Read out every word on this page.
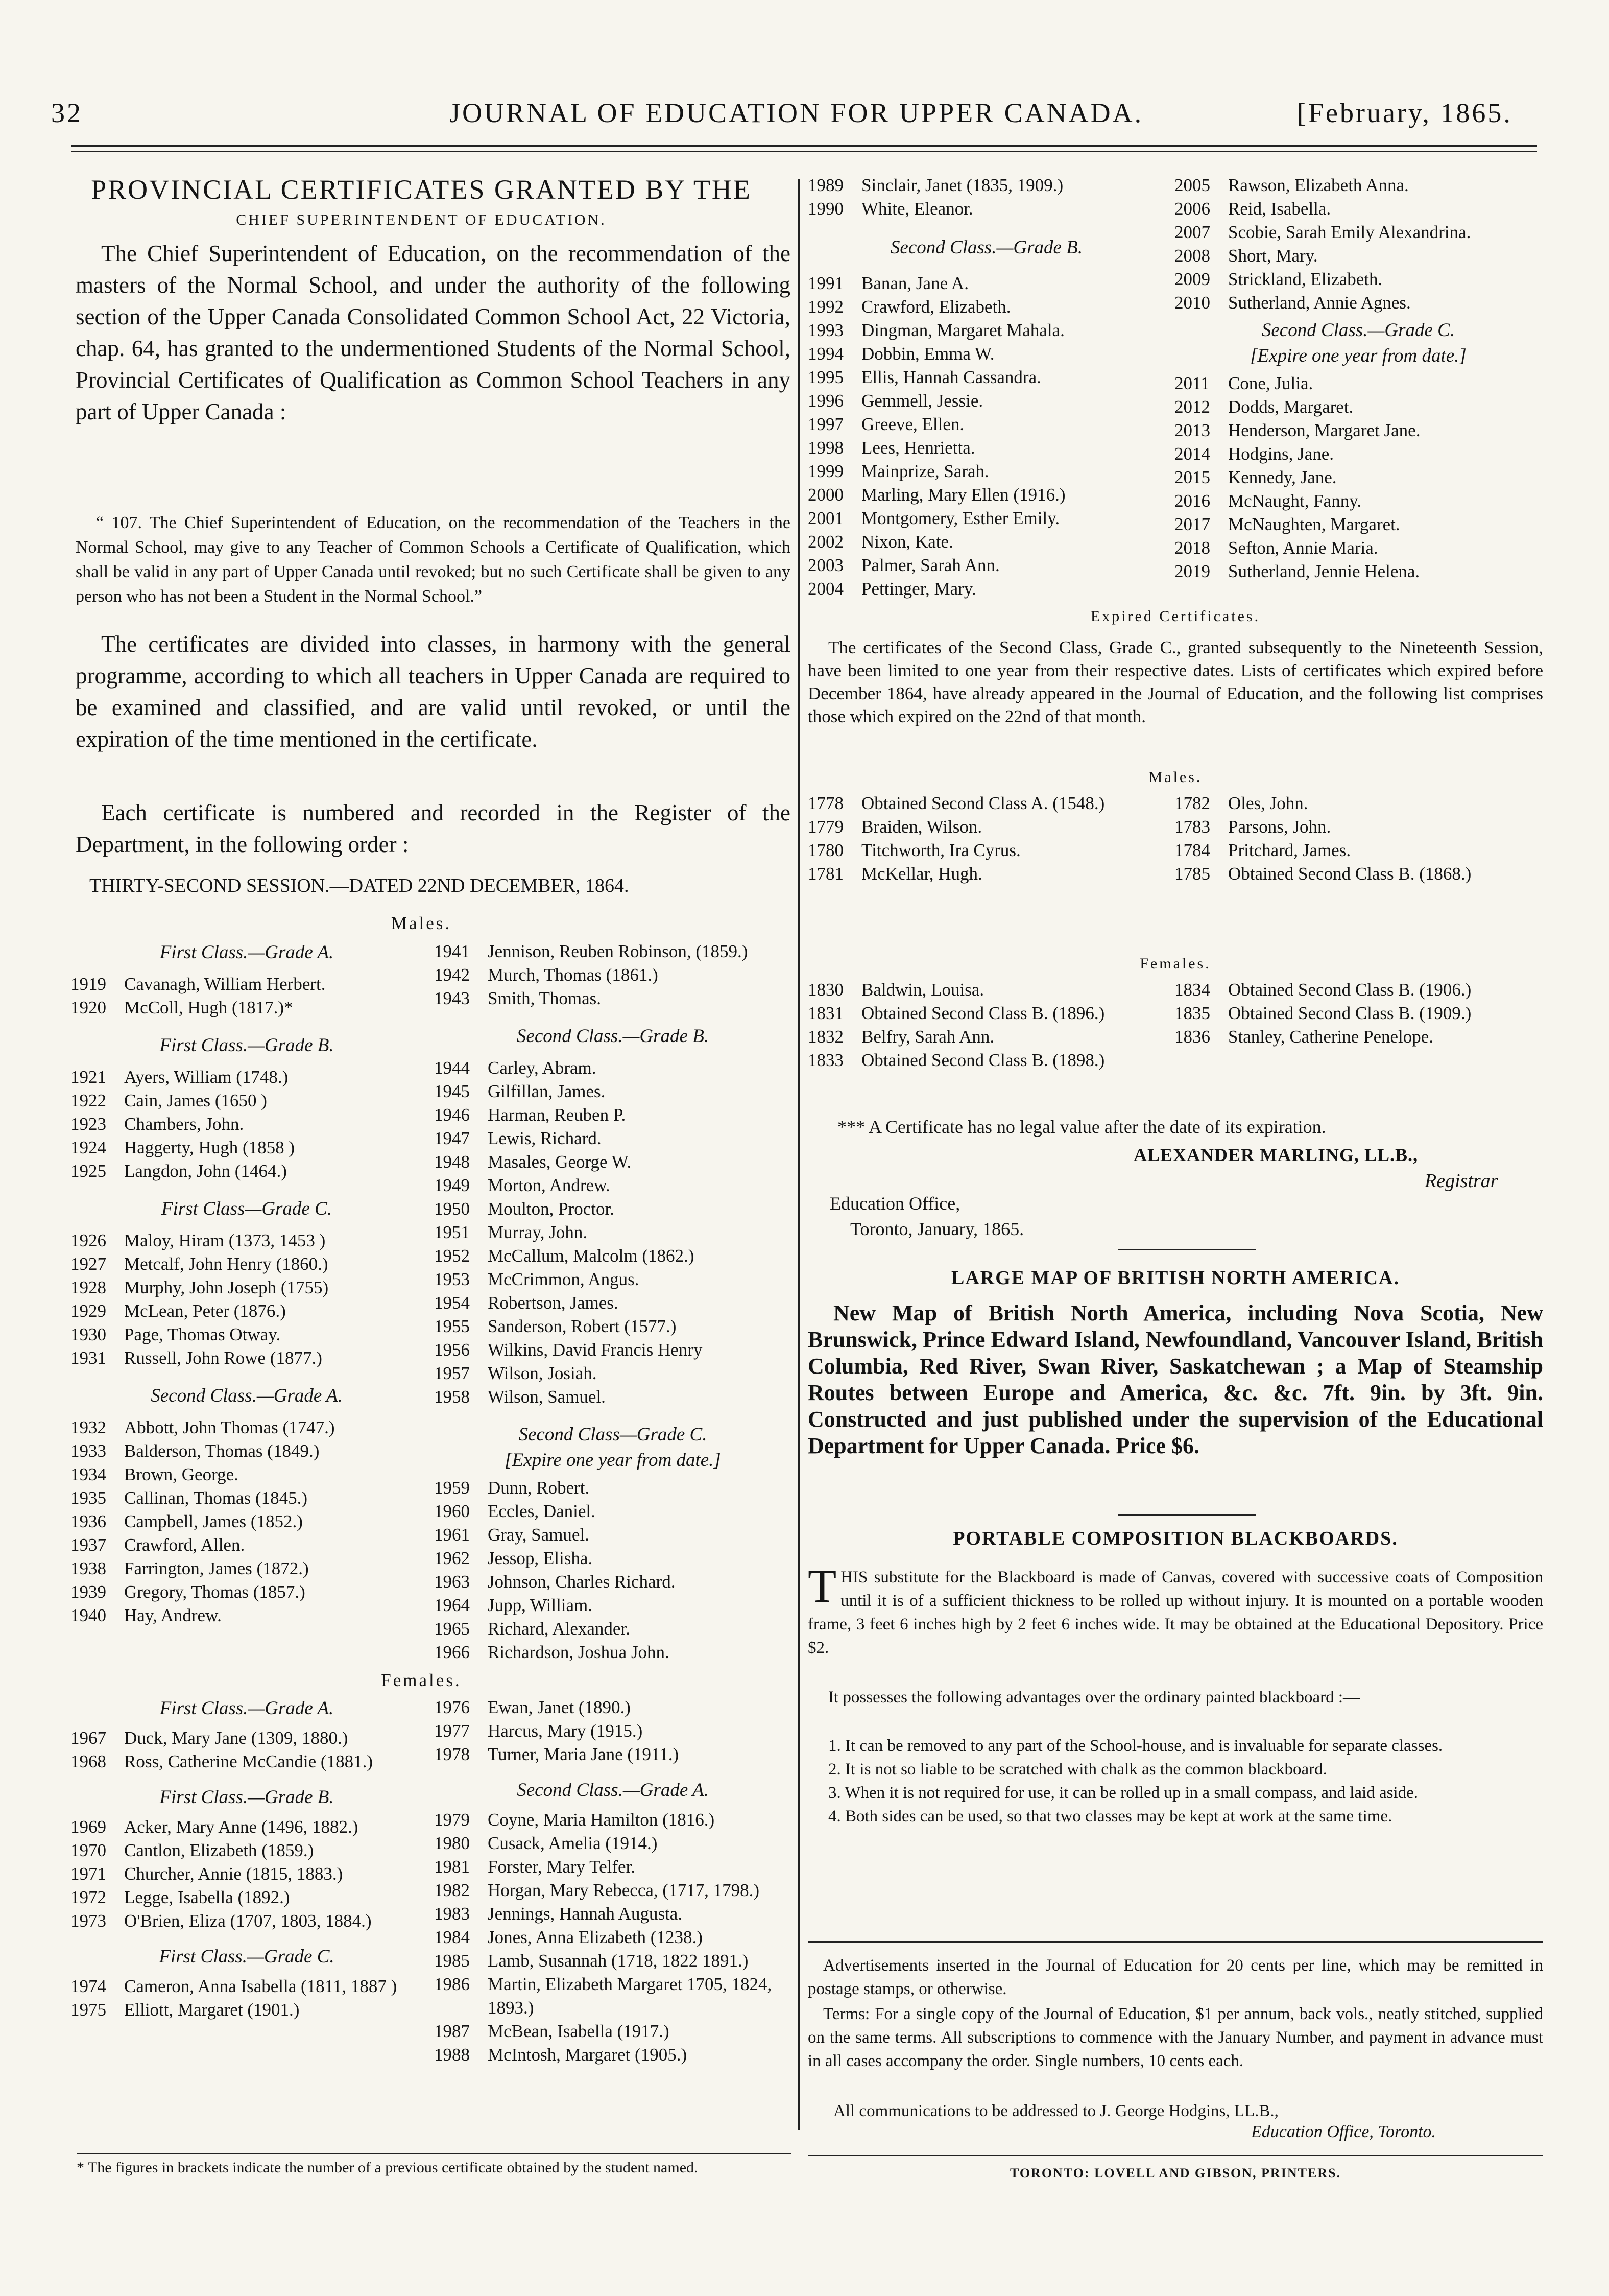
32	JOURNAL OF EDUCATION FOR UPPER CANADA.	[February, 1865.
PROVINCIAL CERTIFICATES GRANTED BY THE
CHIEF SUPERINTENDENT OF EDUCATION.
The Chief Superintendent of Education, on the recommendation of the masters of the Normal School, and under the authority of the following section of the Upper Canada Consolidated Common School Act, 22 Victoria, chap. 64, has granted to the undermentioned Students of the Normal School, Provincial Certificates of Qualification as Common School Teachers in any part of Upper Canada :
“ 107. The Chief Superintendent of Education, on the recommendation of the Teachers in the Normal School, may give to any Teacher of Common Schools a Certificate of Qualification, which shall be valid in any part of Upper Canada until revoked; but no such Certificate shall be given to any person who has not been a Student in the Normal School.”
The certificates are divided into classes, in harmony with the general programme, according to which all teachers in Upper Canada are required to be examined and classified, and are valid until revoked, or until the expiration of the time mentioned in the certificate.
Each certificate is numbered and recorded in the Register of the Department, in the following order :
THIRTY-SECOND SESSION.—DATED 22ND DECEMBER, 1864.
Males.
First Class.—Grade A.
1919	Cavanagh, William Herbert.
1920	McColl, Hugh (1817.)*
First Class.—Grade B.
1921	Ayers, William (1748.)
1922	Cain, James (1650 )
1923	Chambers, John.
1924	Haggerty, Hugh (1858 )
1925	Langdon, John (1464.)
First Class—Grade C.
1926	Maloy, Hiram (1373, 1453 )
1927	Metcalf, John Henry (1860.)
1928	Murphy, John Joseph (1755)
1929	McLean, Peter (1876.)
1930	Page, Thomas Otway.
1931	Russell, John Rowe (1877.)
Second Class.—Grade A.
1932	Abbott, John Thomas (1747.)
1933	Balderson, Thomas (1849.)
1934	Brown, George.
1935	Callinan, Thomas (1845.)
1936	Campbell, James (1852.)
1937	Crawford, Allen.
1938	Farrington, James (1872.)
1939	Gregory, Thomas (1857.)
1940	Hay, Andrew.
1941	Jennison, Reuben Robinson, (1859.)
1942	Murch, Thomas (1861.)
1943	Smith, Thomas.
Second Class.—Grade B.
1944	Carley, Abram.
1945	Gilfillan, James.
1946	Harman, Reuben P.
1947	Lewis, Richard.
1948	Masales, George W.
1949	Morton, Andrew.
1950	Moulton, Proctor.
1951	Murray, John.
1952	McCallum, Malcolm (1862.)
1953	McCrimmon, Angus.
1954	Robertson, James.
1955	Sanderson, Robert (1577.)
1956	Wilkins, David Francis Henry
1957	Wilson, Josiah.
1958	Wilson, Samuel.
Second Class—Grade C.
[Expire one year from date.]
1959	Dunn, Robert.
1960	Eccles, Daniel.
1961	Gray, Samuel.
1962	Jessop, Elisha.
1963	Johnson, Charles Richard.
1964	Jupp, William.
1965	Richard, Alexander.
1966	Richardson, Joshua John.
Females.
First Class.—Grade A.
1967	Duck, Mary Jane (1309, 1880.)
1968	Ross, Catherine McCandie (1881.)
First Class.—Grade B.
1969	Acker, Mary Anne (1496, 1882.)
1970	Cantlon, Elizabeth (1859.)
1971	Churcher, Annie (1815, 1883.)
1972	Legge, Isabella (1892.)
1973	O'Brien, Eliza (1707, 1803, 1884.)
First Class.—Grade C.
1974	Cameron, Anna Isabella (1811, 1887 )
1975	Elliott, Margaret (1901.)
1976	Ewan, Janet (1890.)
1977	Harcus, Mary (1915.)
1978	Turner, Maria Jane (1911.)
Second Class.—Grade A.
1979	Coyne, Maria Hamilton (1816.)
1980	Cusack, Amelia (1914.)
1981	Forster, Mary Telfer.
1982	Horgan, Mary Rebecca, (1717, 1798.)
1983	Jennings, Hannah Augusta.
1984	Jones, Anna Elizabeth (1238.)
1985	Lamb, Susannah (1718, 1822 1891.)
1986	Martin, Elizabeth Margaret 1705, 1824, 1893.)
1987	McBean, Isabella (1917.)
1988	McIntosh, Margaret (1905.)
* The figures in brackets indicate the number of a previous certificate obtained by the student named.
1989	Sinclair, Janet (1835, 1909.)
1990	White, Eleanor.
Second Class.—Grade B.
1991	Banan, Jane A.
1992	Crawford, Elizabeth.
1993	Dingman, Margaret Mahala.
1994	Dobbin, Emma W.
1995	Ellis, Hannah Cassandra.
1996	Gemmell, Jessie.
1997	Greeve, Ellen.
1998	Lees, Henrietta.
1999	Mainprize, Sarah.
2000	Marling, Mary Ellen (1916.)
2001	Montgomery, Esther Emily.
2002	Nixon, Kate.
2003	Palmer, Sarah Ann.
2004	Pettinger, Mary.
2005	Rawson, Elizabeth Anna.
2006	Reid, Isabella.
2007	Scobie, Sarah Emily Alexandrina.
2008	Short, Mary.
2009	Strickland, Elizabeth.
2010	Sutherland, Annie Agnes.
Second Class.—Grade C.
[Expire one year from date.]
2011	Cone, Julia.
2012	Dodds, Margaret.
2013	Henderson, Margaret Jane.
2014	Hodgins, Jane.
2015	Kennedy, Jane.
2016	McNaught, Fanny.
2017	McNaughten, Margaret.
2018	Sefton, Annie Maria.
2019	Sutherland, Jennie Helena.
Expired Certificates.
The certificates of the Second Class, Grade C., granted subsequently to the Nineteenth Session, have been limited to one year from their respective dates. Lists of certificates which expired before December 1864, have already appeared in the Journal of Education, and the following list comprises those which expired on the 22nd of that month.
Males.
1778	Obtained Second Class A. (1548.)
1779	Braiden, Wilson.
1780	Titchworth, Ira Cyrus.
1781	McKellar, Hugh.
1782	Oles, John.
1783	Parsons, John.
1784	Pritchard, James.
1785	Obtained Second Class B. (1868.)
Females.
1830	Baldwin, Louisa.
1831	Obtained Second Class B. (1896.)
1832	Belfry, Sarah Ann.
1833	Obtained Second Class B. (1898.)
1834	Obtained Second Class B. (1906.)
1835	Obtained Second Class B. (1909.)
1836	Stanley, Catherine Penelope.
*** A Certificate has no legal value after the date of its expiration.
ALEXANDER MARLING, LL.B.,
Registrar
Education Office,
Toronto, January, 1865.
LARGE MAP OF BRITISH NORTH AMERICA.
New Map of British North America, including Nova Scotia, New Brunswick, Prince Edward Island, Newfoundland, Vancouver Island, British Columbia, Red River, Swan River, Saskatchewan ; a Map of Steamship Routes between Europe and America, &c. &c. 7ft. 9in. by 3ft. 9in. Constructed and just published under the supervision of the Educational Department for Upper Canada. Price $6.
PORTABLE COMPOSITION BLACKBOARDS.
THIS substitute for the Blackboard is made of Canvas, covered with successive coats of Composition until it is of a sufficient thickness to be rolled up without injury. It is mounted on a portable wooden frame, 3 feet 6 inches high by 2 feet 6 inches wide. It may be obtained at the Educational Depository. Price $2.
It possesses the following advantages over the ordinary painted blackboard :—
1. It can be removed to any part of the School-house, and is invaluable for separate classes.
2. It is not so liable to be scratched with chalk as the common blackboard.
3. When it is not required for use, it can be rolled up in a small compass, and laid aside.
4. Both sides can be used, so that two classes may be kept at work at the same time.
Advertisements inserted in the Journal of Education for 20 cents per line, which may be remitted in postage stamps, or otherwise.
Terms: For a single copy of the Journal of Education, $1 per annum, back vols., neatly stitched, supplied on the same terms. All subscriptions to commence with the January Number, and payment in advance must in all cases accompany the order. Single numbers, 10 cents each.
All communications to be addressed to J. George Hodgins, LL.B.,
Education Office, Toronto.
TORONTO: LOVELL AND GIBSON, PRINTERS.
